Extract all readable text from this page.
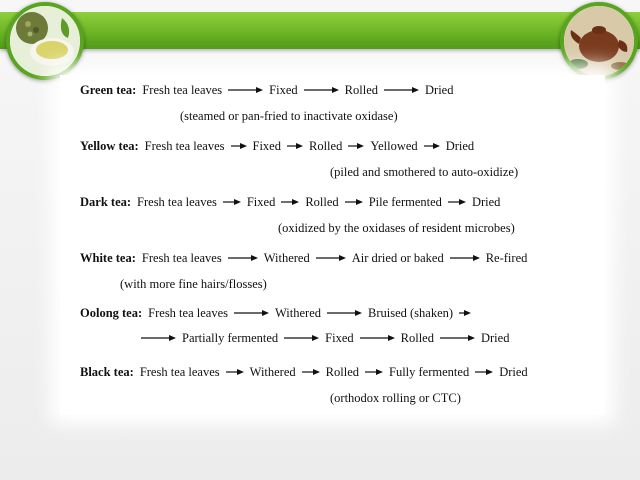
Green tea: Fresh tea leaves	Fixed	Rolled	Dried
(steamed or pan-fried to inactivate oxidase)
Yellow tea: Fresh tea leaves Fixed Rolled Yellowed Dried
(piled and smothered to auto-oxidize)
Dark tea: Fresh tea leaves Fixed Rolled Pile fermented Dried
(oxidized by the oxidases of resident microbes)
White tea: Fresh tea leaves	Withered	Air dried or baked	Re-fired
(with more fine hairs/flosses)
Oolong tea: Fresh tea leaves	Withered	Bruised (shaken)
Partially fermented	Fixed	Rolled	Dried
Black tea: Fresh tea leaves Withered Rolled Fully fermented Dried
(orthodox rolling or CTC)
